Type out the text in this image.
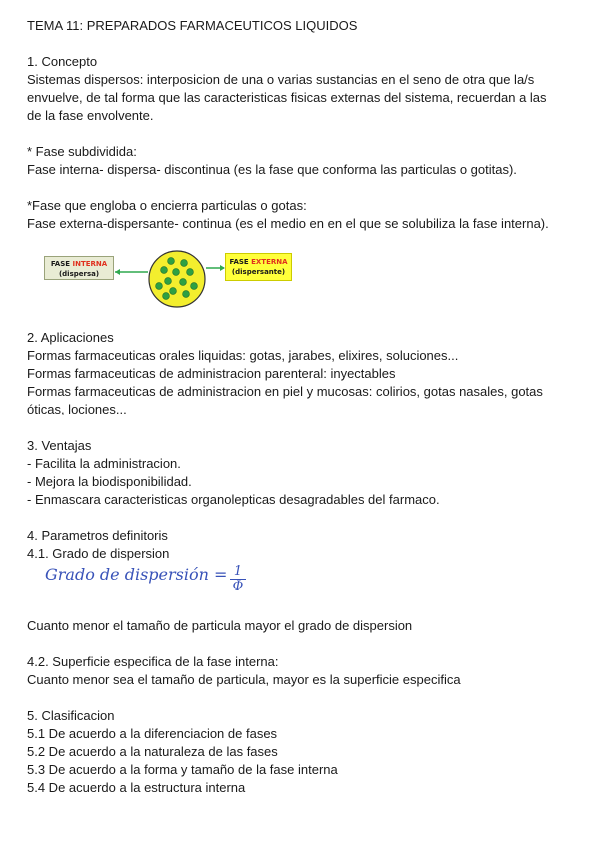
TEMA 11: PREPARADOS FARMACEUTICOS LIQUIDOS
1. Concepto
Sistemas dispersos: interposicion de una o varias sustancias en el seno de otra que la/s
envuelve, de tal forma que las caracteristicas fisicas externas del sistema, recuerdan a las
de la fase envolvente.
* Fase subdividida:
Fase interna- dispersa- discontinua (es la fase que conforma las particulas o gotitas).
*Fase que engloba o encierra particulas o gotas:
Fase externa-dispersante- continua (es el medio en en el que se solubiliza la fase interna).
FASE INTERNA
(dispersa)
FASE EXTERNA
(dispersante)
2. Aplicaciones
Formas farmaceuticas orales liquidas: gotas, jarabes, elixires, soluciones...
Formas farmaceuticas de administracion parenteral: inyectables
Formas farmaceuticas de administracion en piel y mucosas: colirios, gotas nasales, gotas
óticas, lociones...
3. Ventajas
- Facilita la administracion.
- Mejora la biodisponibilidad.
- Enmascara caracteristicas organolepticas desagradables del farmaco.
4. Parametros definitoris
4.1. Grado de dispersion
Grado de dispersión = 1
Φ
Cuanto menor el tamaño de particula mayor el grado de dispersion
4.2. Superficie especifica de la fase interna:
Cuanto menor sea el tamaño de particula, mayor es la superficie especifica
5. Clasificacion
5.1 De acuerdo a la diferenciacion de fases
5.2 De acuerdo a la naturaleza de las fases
5.3 De acuerdo a la forma y tamaño de la fase interna
5.4 De acuerdo a la estructura interna
